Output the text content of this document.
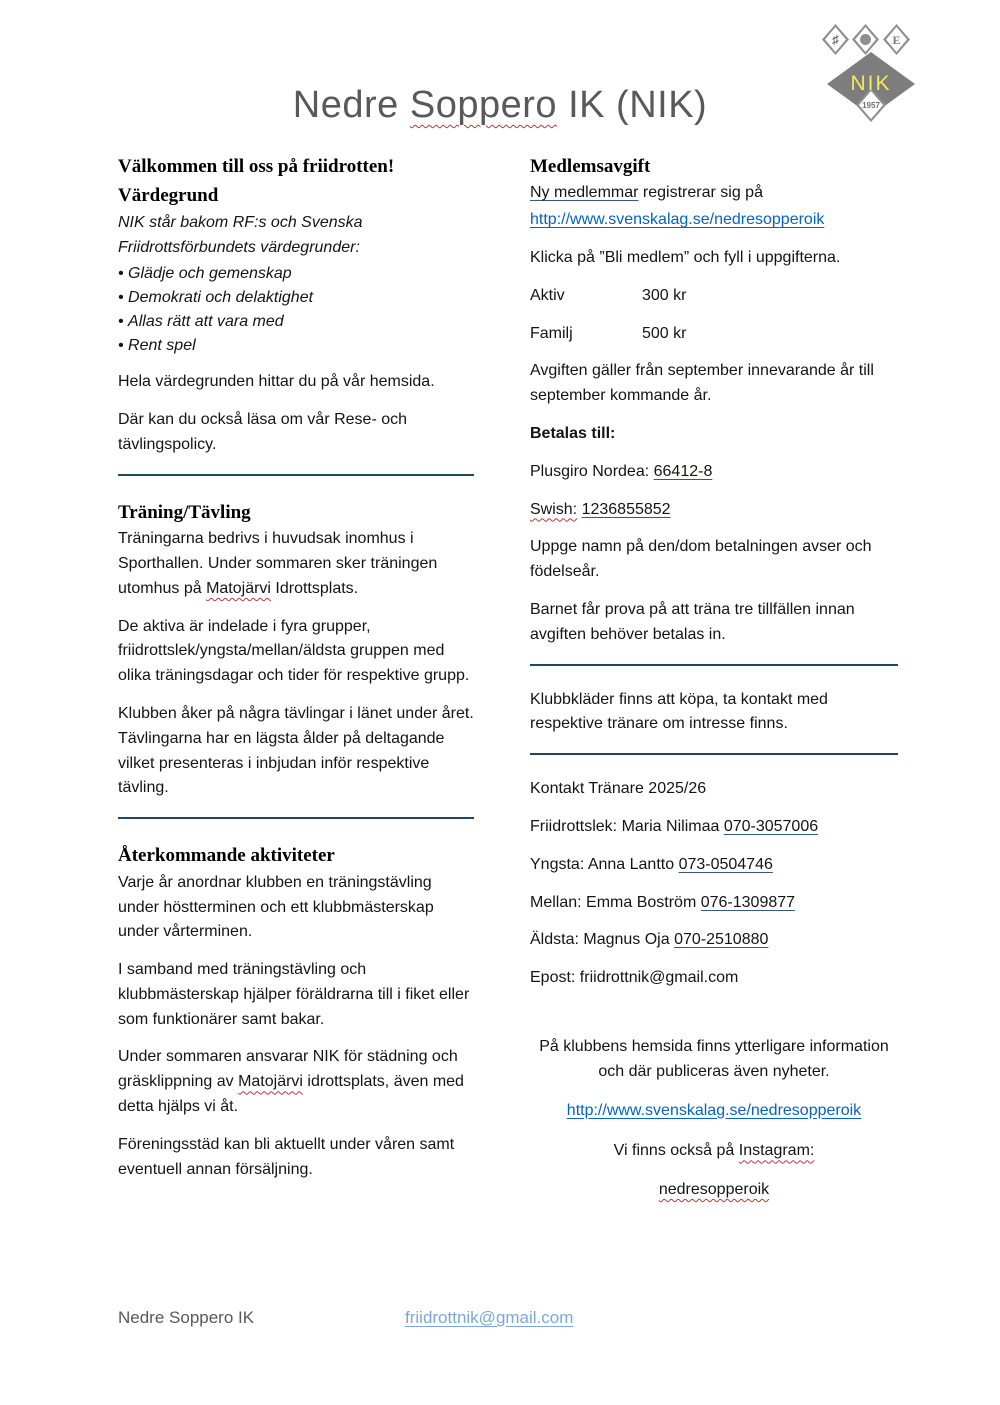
Nedre Soppero IK (NIK)
♯	E
NIK
1957
Välkommen till oss på friidrotten!
Värdegrund

NIK står bakom RF:s och Svenska Friidrottsförbundets värdegrunder:

• Glädje och gemenskap
• Demokrati och delaktighet
• Allas rätt att vara med
• Rent spel

Hela värdegrunden hittar du på vår hemsida.

Där kan du också läsa om vår Rese- och tävlingspolicy.

Träning/Tävling

Träningarna bedrivs i huvudsak inomhus i Sporthallen. Under sommaren sker träningen utomhus på Matojärvi Idrottsplats.

De aktiva är indelade i fyra grupper, friidrottslek/yngsta/mellan/äldsta gruppen med olika träningsdagar och tider för respektive grupp.

Klubben åker på några tävlingar i länet under året. Tävlingarna har en lägsta ålder på deltagande vilket presenteras i inbjudan inför respektive tävling.

Återkommande aktiviteter

Varje år anordnar klubben en träningstävling under höstterminen och ett klubbmästerskap under vårterminen.

I samband med träningstävling och klubbmästerskap hjälper föräldrarna till i fiket eller som funktionärer samt bakar.

Under sommaren ansvarar NIK för städning och gräsklippning av Matojärvi idrottsplats, även med detta hjälps vi åt.

Föreningsstäd kan bli aktuellt under våren samt eventuell annan försäljning.

Medlemsavgift

Ny medlemmar registrerar sig på

http://www.svenskalag.se/nedresopperoik

Klicka på ”Bli medlem” och fyll i uppgifterna.

Aktiv	300 kr
Familj	500 kr

Avgiften gäller från september innevarande år till september kommande år.

Betalas till:

Plusgiro Nordea: 66412-8

Swish: 1236855852

Uppge namn på den/dom betalningen avser och födelseår.

Barnet får prova på att träna tre tillfällen innan avgiften behöver betalas in.

Klubbkläder finns att köpa, ta kontakt med respektive tränare om intresse finns.

Kontakt Tränare 2025/26

Friidrottslek: Maria Nilimaa 070-3057006

Yngsta: Anna Lantto 073-0504746

Mellan: Emma Boström 076-1309877

Äldsta: Magnus Oja 070-2510880

Epost: friidrottnik@gmail.com

På klubbens hemsida finns ytterligare information och där publiceras även nyheter.

http://www.svenskalag.se/nedresopperoik

Vi finns också på Instagram:

nedresopperoik

Nedre Soppero IK	friidrottnik@gmail.com
